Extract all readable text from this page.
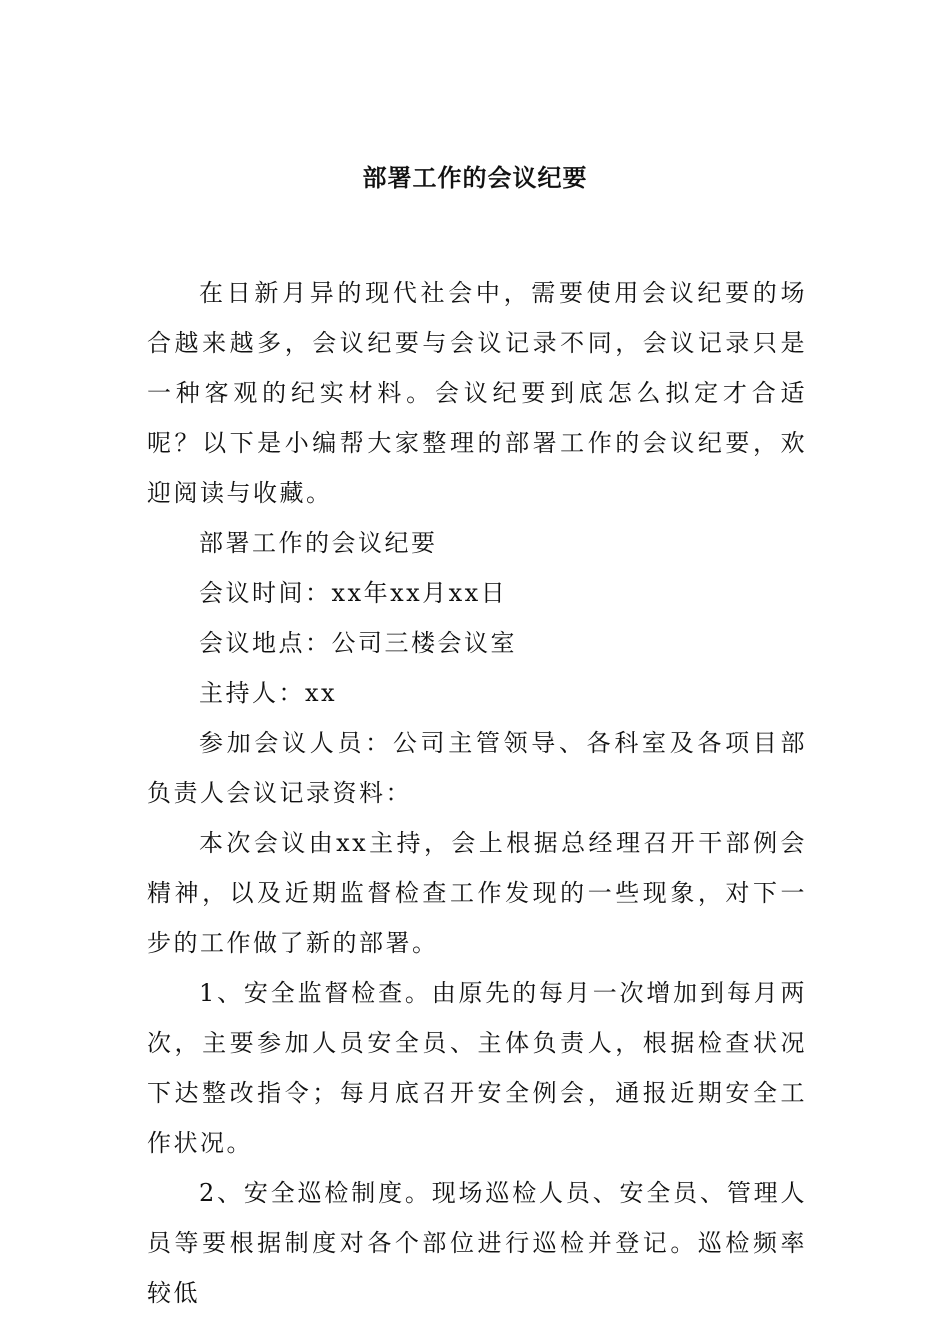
部署工作的会议纪要

在日新月异的现代社会中，需要使用会议纪要的场合越来越多，会议纪要与会议记录不同，会议记录只是一种客观的纪实材料。会议纪要到底怎么拟定才合适呢？以下是小编帮大家整理的部署工作的会议纪要，欢迎阅读与收藏。

部署工作的会议纪要

会议时间：xx年xx月xx日

会议地点：公司三楼会议室

主持人：xx

参加会议人员：公司主管领导、各科室及各项目部负责人会议记录资料：

本次会议由xx主持，会上根据总经理召开干部例会精神，以及近期监督检查工作发现的一些现象，对下一步的工作做了新的部署。

1、安全监督检查。由原先的每月一次增加到每月两次，主要参加人员安全员、主体负责人，根据检查状况下达整改指令；每月底召开安全例会，通报近期安全工作状况。

2、安全巡检制度。现场巡检人员、安全员、管理人员等要根据制度对各个部位进行巡检并登记。巡检频率较低
